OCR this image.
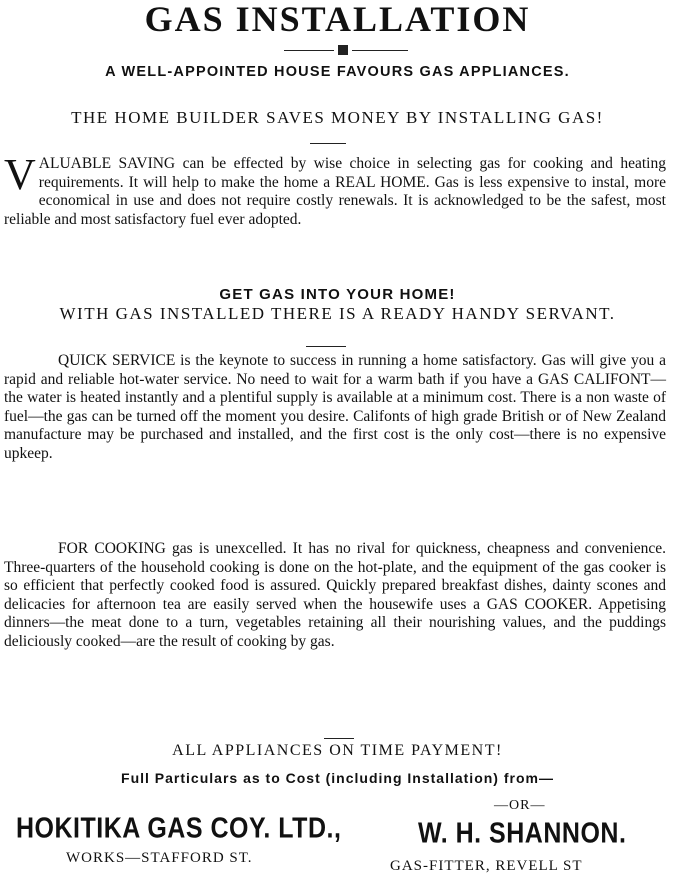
GAS INSTALLATION
A WELL-APPOINTED HOUSE FAVOURS GAS APPLIANCES.
THE HOME BUILDER SAVES MONEY BY INSTALLING GAS!

VALUABLE SAVING can be effected by wise choice in selecting gas for cooking and heating requirements. It will help to make the home a REAL HOME. Gas is less expensive to instal, more economical in use and does not require costly renewals. It is acknowledged to be the safest, most reliable and most satisfactory fuel ever adopted.

GET GAS INTO YOUR HOME!
WITH GAS INSTALLED THERE IS A READY HANDY SERVANT.

QUICK SERVICE is the keynote to success in running a home satisfactory. Gas will give you a rapid and reliable hot-water service. No need to wait for a warm bath if you have a GAS CALIFONT—the water is heated instantly and a plentiful supply is available at a minimum cost. There is a non waste of fuel—the gas can be turned off the moment you desire. Califonts of high grade British or of New Zealand manufacture may be purchased and installed, and the first cost is the only cost—there is no expensive upkeep.

FOR COOKING gas is unexcelled. It has no rival for quickness, cheapness and convenience. Three-quarters of the household cooking is done on the hot-plate, and the equipment of the gas cooker is so efficient that perfectly cooked food is assured. Quickly prepared breakfast dishes, dainty scones and delicacies for afternoon tea are easily served when the housewife uses a GAS COOKER. Appetising dinners—the meat done to a turn, vegetables retaining all their nourishing values, and the puddings deliciously cooked—are the result of cooking by gas.

ALL APPLIANCES ON TIME PAYMENT!
Full Particulars as to Cost (including Installation) from—
—OR—
HOKITIKA GAS COY. LTD.,
WORKS—STAFFORD ST.
W. H. SHANNON.
GAS-FITTER, REVELL ST
